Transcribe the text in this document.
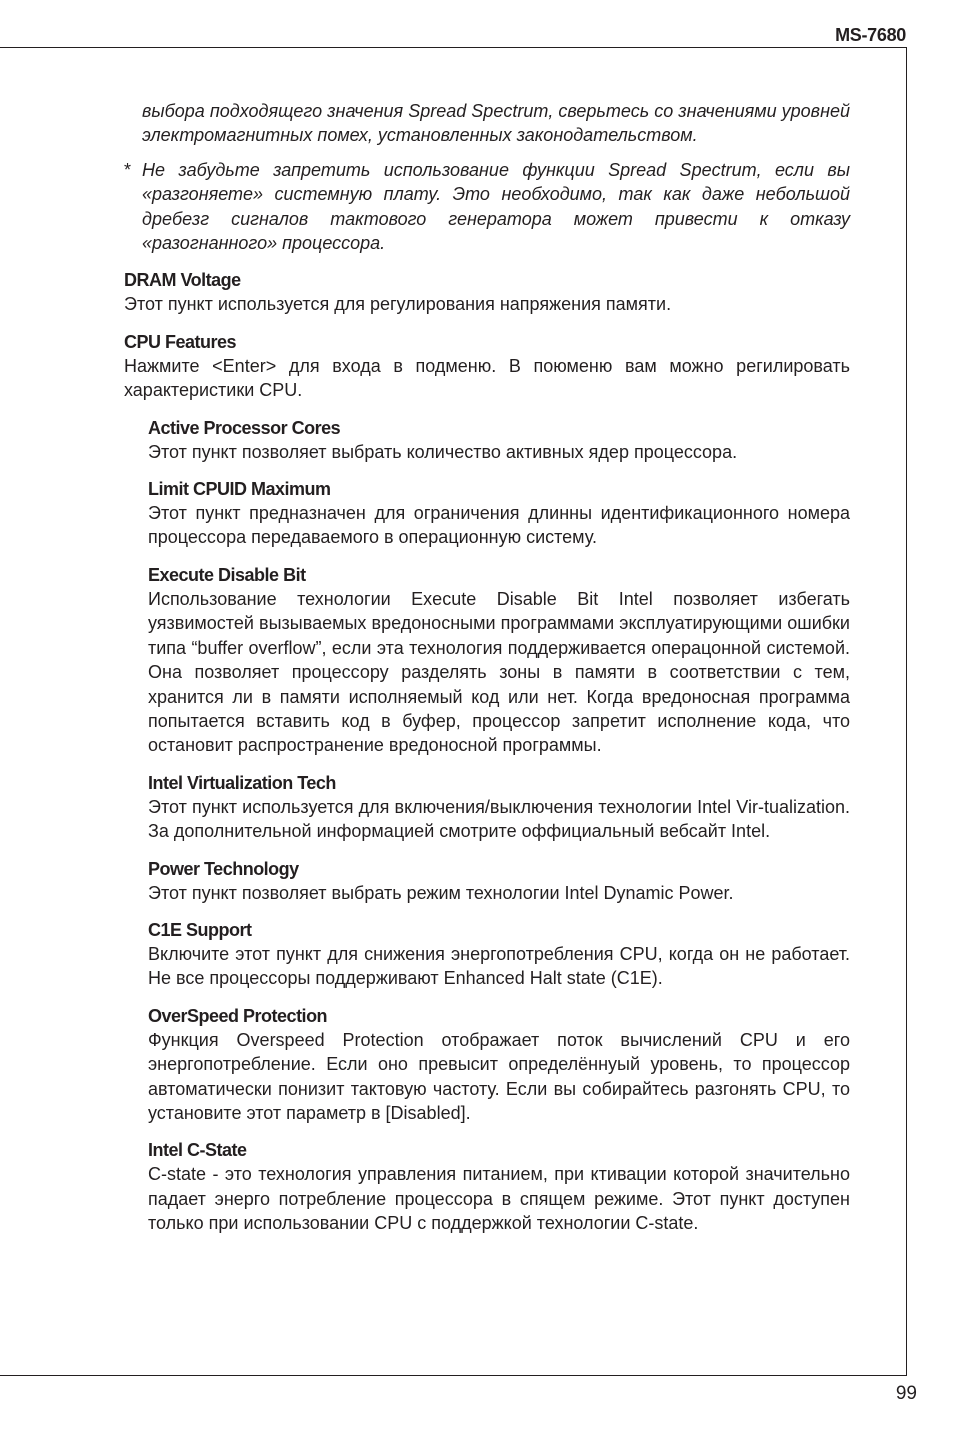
MS-7680

выбора подходящего значения Spread Spectrum, сверьтесь со значениями уровней электромагнитных помех, установленных законодательством.

* Не забудьте запретить использование функции Spread Spectrum, если вы «разгоняете» системную плату. Это необходимо, так как даже небольшой дребезг сигналов тактового генератора может привести к отказу «разогнанного» процессора.

DRAM Voltage

Этот пункт используется для регулирования напряжения памяти.

CPU Features

Нажмите <Enter> для входа в подменю. В поюменю вам можно регилировать характеристики CPU.

Active Processor Cores

Этот пункт позволяет выбрать количество активных ядер процессора.

Limit CPUID Maximum

Этот пункт предназначен для ограничения длинны идентификационного номера процессора передаваемого в операционную систему.

Execute Disable Bit

Использование технологии Execute Disable Bit Intel позволяет избегать уязвимостей вызываемых вредоносными программами эксплуатирующими ошибки типа “buffer overflow”, если эта технология поддерживается операцонной системой. Она позволяет процессору разделять зоны в памяти в соответствии с тем, хранится ли в памяти исполняемый код или нет. Когда вредоносная программа попытается вставить код в буфер, процессор запретит исполнение кода, что остановит распространение вредоносной программы.

Intel Virtualization Tech

Этот пункт используется для включения/выключения технологии Intel Vir-tualization. За дополнительной информацией смотрите оффициальный вебсайт Intel.

Power Technology

Этот пункт позволяет выбрать режим технологии Intel Dynamic Power.

C1E Support

Включите этот пункт для снижения энергопотребления CPU, когда он не работает. Не все процессоры поддерживают Enhanced Halt state (C1E).

OverSpeed Protection

Функция Overspeed Protection отображает поток вычислений CPU и его энергопотребление. Если оно превысит определённуый уровень, то процессор автоматически понизит тактовую частоту. Если вы собирайтесь разгонять CPU, то установите этот параметр в [Disabled].

Intel C-State

C-state - это технология управления питанием, при ктивации которой значительно падает энерго потребление процессора в спящем режиме. Этот пункт доступен только при использовании CPU с поддержкой технологии C-state.

99
